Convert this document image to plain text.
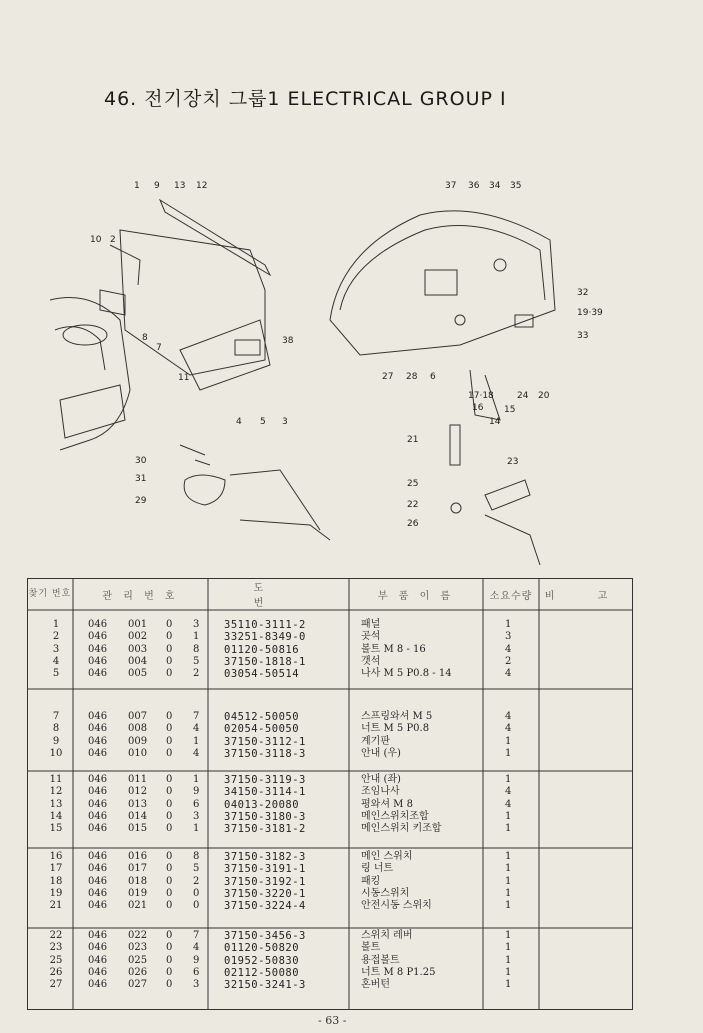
46. 전기장치 그룹1 ELECTRICAL GROUP Ⅰ
1 9 13 12
10 2
8
7
11
38
4 5 3
30
31
29
37 36 34 35
32
19·39
33
27 28 6
24 20
17·18
16 15
14
21
23
25
22
26
찾기 번호	관 리 번 호
도 번
부 품 이 름	소요수량	비 고
1	046 001 0	3	35110-3111-2	패널	1
2	046 002 0	1	33251-8349-0	곳석	3
3	046 003 0	8	01120-50816	볼트 M 8 - 16	4
4	046 004 0	5	37150-1818-1	갯석	2
5	046 005 0	2	03054-50514	나사 M 5 P0.8 - 14	4
7	046 007 0	7	04512-50050	스프링와셔 M 5	4
8	046 008 0	4	02054-50050	너트 M 5 P0.8	4
9	046 009 0	1	37150-3112-1	계기판	1
10	046 010 0	4	37150-3118-3	안내 (우)	1
11	046 011 0	1	37150-3119-3	안내 (좌)	1
12	046 012 0	9	34150-3114-1	조임나사	4
13	046 013 0	6	04013-20080	평와셔 M 8	4
14	046 014 0	3	37150-3180-3	메인스위치조합	1
15	046 015 0	1	37150-3181-2	메인스위치 키조합	1
16	046 016 0	8	37150-3182-3	메인 스위치	1
17	046 017 0	5	37150-3191-1	링 너트	1
18	046 018 0	2	37150-3192-1	패킹	1
19	046 019 0	0	37150-3220-1	시동스위치	1
21	046 021 0	0	37150-3224-4	안전시동 스위치	1
22	046 022 0	7	37150-3456-3	스위치 레버	1
23	046 023 0	4	01120-50820	볼트	1
25	046 025 0	9	01952-50830	용접볼트	1
26	046 026 0	6	02112-50080	너트 M 8 P1.25	1
27	046 027 0	3	32150-3241-3	혼버턴	1
- 63 -
